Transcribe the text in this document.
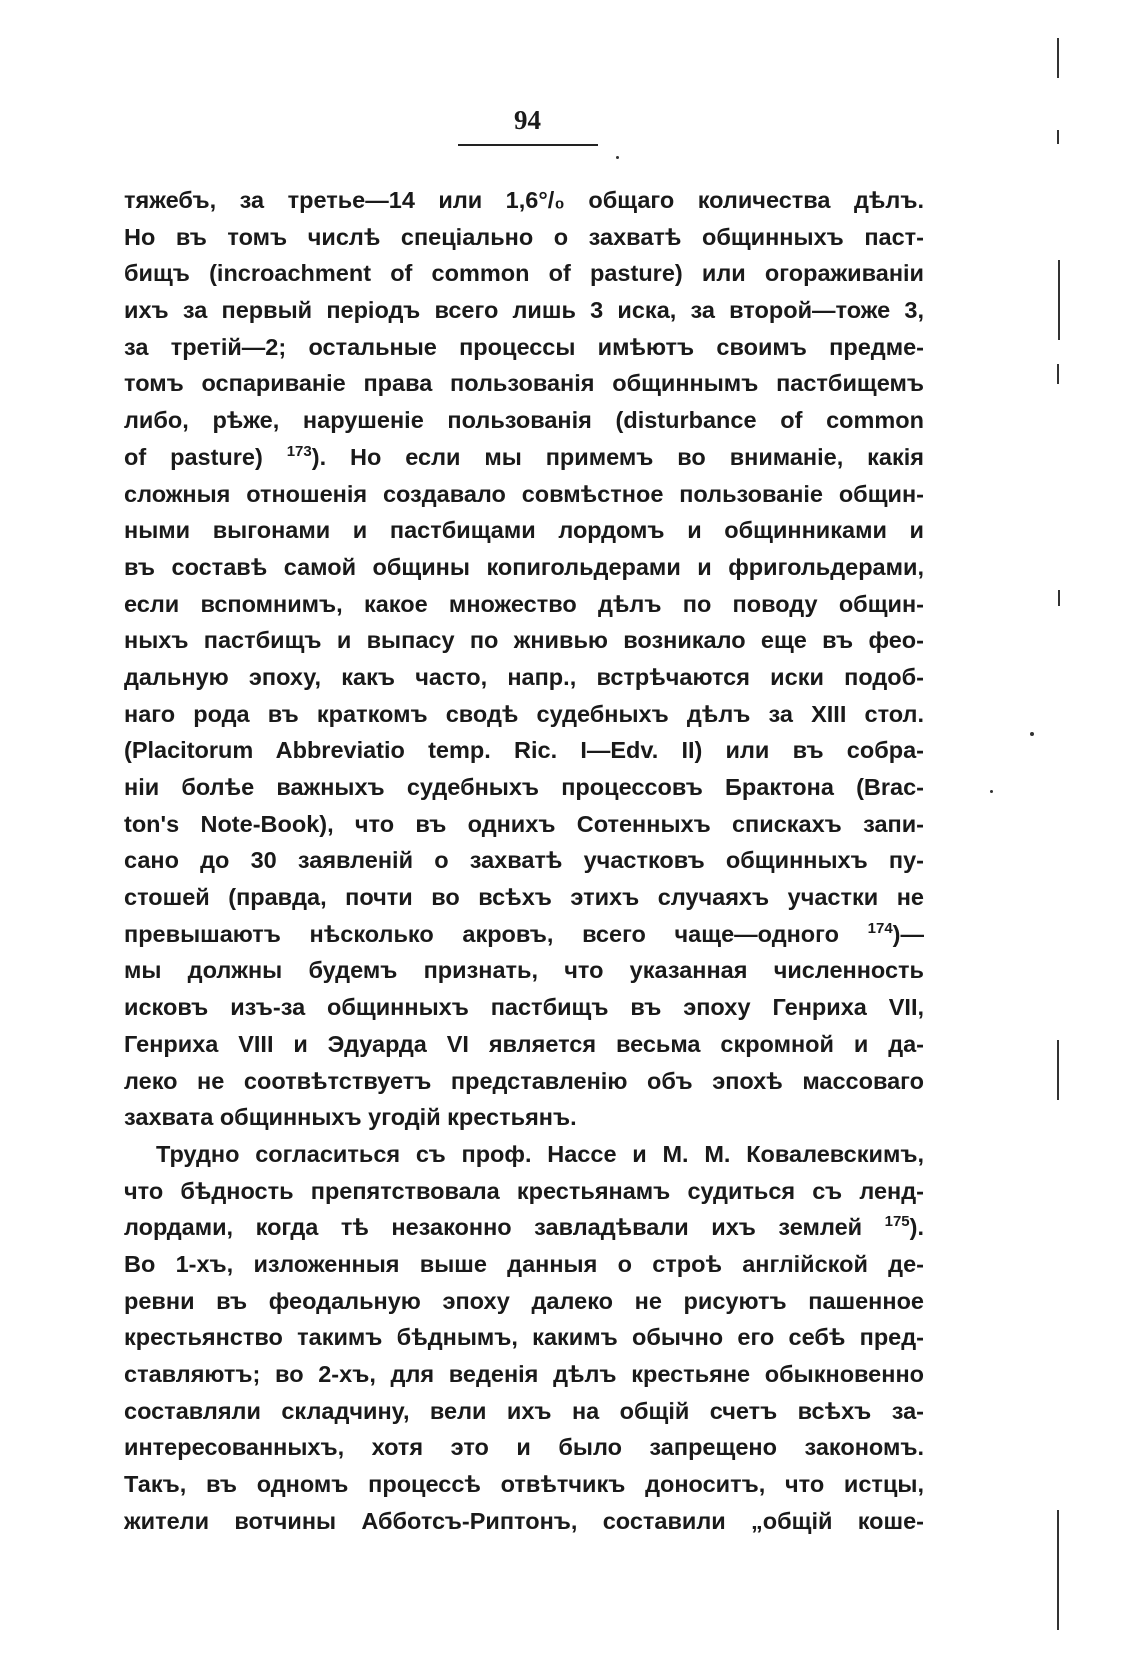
94
тяжебъ, за третье—14 или 1,6°/₀ общаго количества дѣлъ.
Но въ томъ числѣ спеціально о захватѣ общинныхъ паст-
бищъ (incroachment of common of pasture) или огораживаніи
ихъ за первый періодъ всего лишь 3 иска, за второй—тоже 3,
за третій—2; остальные процессы имѣютъ своимъ предме-
томъ оспариваніе права пользованія общиннымъ пастбищемъ
либо, рѣже, нарушеніе пользованія (disturbance of common
of pasture) $^{173}$). Но если мы примемъ во вниманіе, какія
сложныя отношенія создавало совмѣстное пользованіе общин-
ными выгонами и пастбищами лордомъ и общинниками и
въ составѣ самой общины копигольдерами и фригольдерами,
если вспомнимъ, какое множество дѣлъ по поводу общин-
ныхъ пастбищъ и выпасу по жнивью возникало еще въ фео-
дальную эпоху, какъ часто, напр., встрѣчаются иски подоб-
наго рода въ краткомъ сводѣ судебныхъ дѣлъ за XIII стол.
(Placitorum Abbreviatio temp. Ric. I—Edv. II) или въ собра-
ніи болѣе важныхъ судебныхъ процессовъ Брактона (Brac-
ton's Note-Book), что въ однихъ Сотенныхъ спискахъ запи-
сано до 30 заявленій о захватѣ участковъ общинныхъ пу-
стошей (правда, почти во всѣхъ этихъ случаяхъ участки не
превышаютъ нѣсколько акровъ, всего чаще—одного $^{174}$)—
мы должны будемъ признать, что указанная численность
исковъ изъ-за общинныхъ пастбищъ въ эпоху Генриха VII,
Генриха VIII и Эдуарда VI является весьма скромной и да-
леко не соотвѣтствуетъ представленію объ эпохѣ массоваго
захвата общинныхъ угодій крестьянъ.
Трудно согласиться съ проф. Нассе и М. М. Ковалевскимъ,
что бѣдность препятствовала крестьянамъ судиться съ ленд-
лордами, когда тѣ незаконно завладѣвали ихъ землей $^{175}$).
Во 1-хъ, изложенныя выше данныя о строѣ англійской де-
ревни въ феодальную эпоху далеко не рисуютъ пашенное
крестьянство такимъ бѣднымъ, какимъ обычно его себѣ пред-
ставляютъ; во 2-хъ, для веденія дѣлъ крестьяне обыкновенно
составляли складчину, вели ихъ на общій счетъ всѣхъ за-
интересованныхъ, хотя это и было запрещено закономъ.
Такъ, въ одномъ процессѣ отвѣтчикъ доноситъ, что истцы,
жители вотчины Абботсъ-Риптонъ, составили „общій коше-
